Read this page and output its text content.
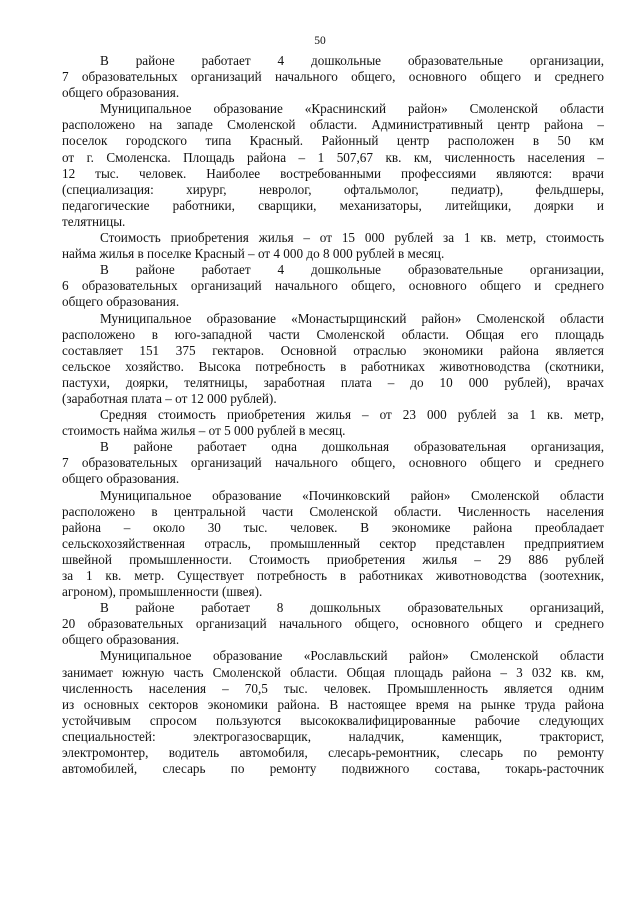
50
В районе работает 4 дошкольные образовательные организации,
7 образовательных организаций начального общего, основного общего и среднего
общего образования.
Муниципальное образование «Краснинский район» Смоленской области
расположено на западе Смоленской области. Административный центр района –
поселок городского типа Красный. Районный центр расположен в 50 км
от г. Смоленска. Площадь района – 1 507,67 кв. км, численность населения –
12 тыс. человек. Наиболее востребованными профессиями являются: врачи
(специализация: хирург, невролог, офтальмолог, педиатр), фельдшеры,
педагогические работники, сварщики, механизаторы, литейщики, доярки и
телятницы.
Стоимость приобретения жилья – от 15 000 рублей за 1 кв. метр, стоимость
найма жилья в поселке Красный – от 4 000 до 8 000 рублей в месяц.
В районе работает 4 дошкольные образовательные организации,
6 образовательных организаций начального общего, основного общего и среднего
общего образования.
Муниципальное образование «Монастырщинский район» Смоленской области
расположено в юго-западной части Смоленской области. Общая его площадь
составляет 151 375 гектаров. Основной отраслью экономики района является
сельское хозяйство. Высока потребность в работниках животноводства (скотники,
пастухи, доярки, телятницы, заработная плата – до 10 000 рублей), врачах
(заработная плата – от 12 000 рублей).
Средняя стоимость приобретения жилья – от 23 000 рублей за 1 кв. метр,
стоимость найма жилья – от 5 000 рублей в месяц.
В районе работает одна дошкольная образовательная организация,
7 образовательных организаций начального общего, основного общего и среднего
общего образования.
Муниципальное образование «Починковский район» Смоленской области
расположено в центральной части Смоленской области. Численность населения
района – около 30 тыс. человек. В экономике района преобладает
сельскохозяйственная отрасль, промышленный сектор представлен предприятием
швейной промышленности. Стоимость приобретения жилья – 29 886 рублей
за 1 кв. метр. Существует потребность в работниках животноводства (зоотехник,
агроном), промышленности (швея).
В районе работает 8 дошкольных образовательных организаций,
20 образовательных организаций начального общего, основного общего и среднего
общего образования.
Муниципальное образование «Рославльский район» Смоленской области
занимает южную часть Смоленской области. Общая площадь района – 3 032 кв. км,
численность населения – 70,5 тыс. человек. Промышленность является одним
из основных секторов экономики района. В настоящее время на рынке труда района
устойчивым спросом пользуются высококвалифицированные рабочие следующих
специальностей: электрогазосварщик, наладчик, каменщик, тракторист,
электромонтер, водитель автомобиля, слесарь-ремонтник, слесарь по ремонту
автомобилей, слесарь по ремонту подвижного состава, токарь-расточник
